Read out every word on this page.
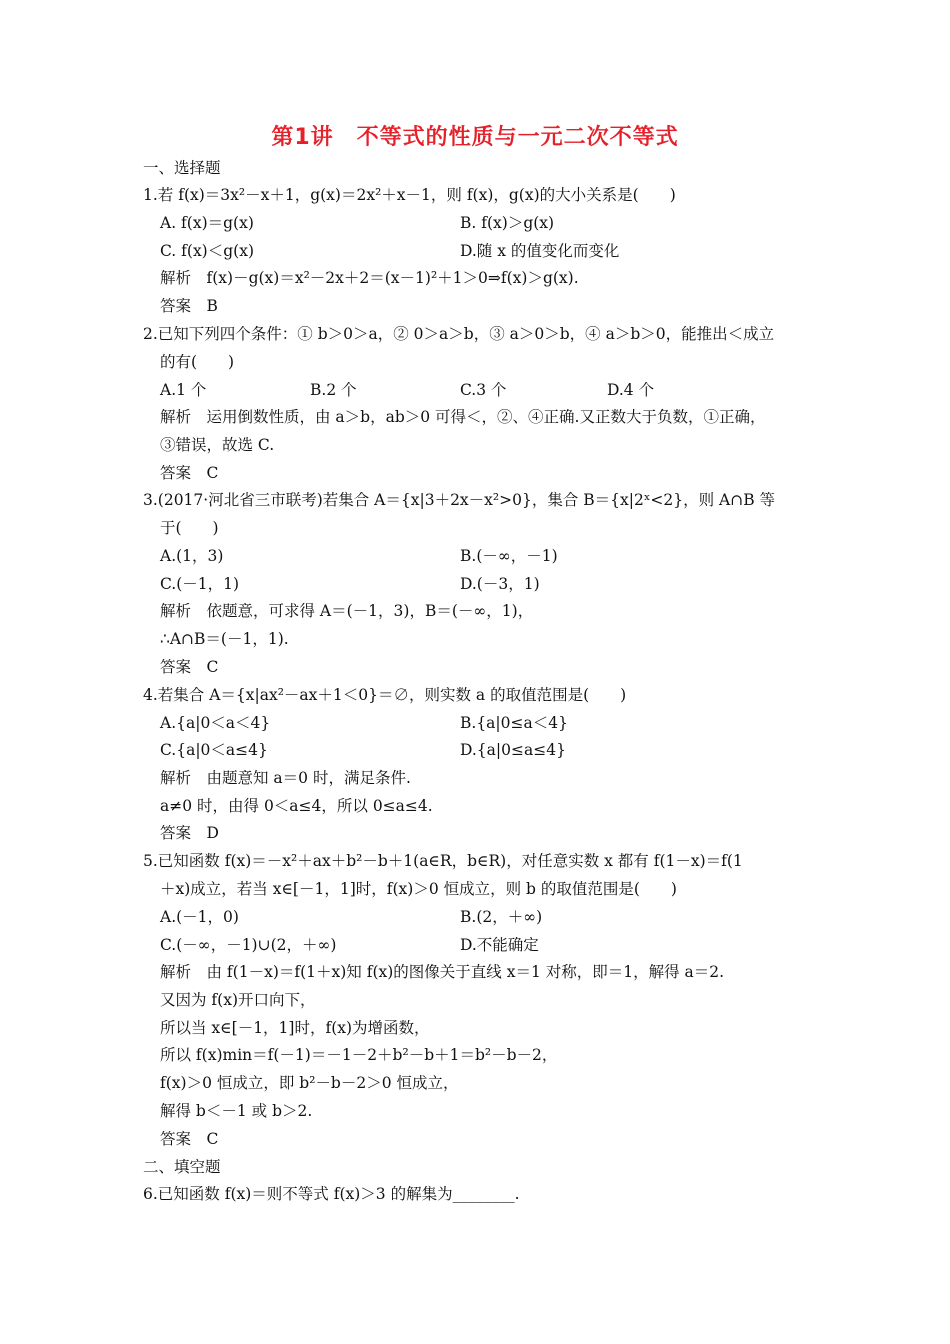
第1讲　不等式的性质与一元二次不等式
一、选择题
1.若 f(x)＝3x²－x＋1，g(x)＝2x²＋x－1，则 f(x)，g(x)的大小关系是(　　)
A. f(x)＝g(x)	B. f(x)＞g(x)
C. f(x)＜g(x)	D.随 x 的值变化而变化
解析　f(x)－g(x)＝x²－2x＋2＝(x－1)²＋1＞0⇒f(x)＞g(x).
答案　B
2.已知下列四个条件：① b＞0＞a，② 0＞a＞b，③ a＞0＞b，④ a＞b＞0，能推出＜成立
的有(　　)
A.1 个	B.2 个	C.3 个	D.4 个
解析　运用倒数性质，由 a＞b，ab＞0 可得＜，②、④正确.又正数大于负数，①正确，
③错误，故选 C.
答案　C
3.(2017·河北省三市联考)若集合 A＝{x|3＋2x－x²>0}，集合 B＝{x|2ˣ<2}，则 A∩B 等
于(　　)
A.(1，3)	B.(－∞，－1)
C.(－1，1)	D.(－3，1)
解析　依题意，可求得 A＝(－1，3)，B＝(－∞，1)，
∴A∩B＝(－1，1).
答案　C
4.若集合 A＝{x|ax²－ax＋1＜0}＝∅，则实数 a 的取值范围是(　　)
A.{a|0＜a＜4}	B.{a|0≤a＜4}
C.{a|0＜a≤4}	D.{a|0≤a≤4}
解析　由题意知 a＝0 时，满足条件.
a≠0 时，由得 0＜a≤4，所以 0≤a≤4.
答案　D
5.已知函数 f(x)＝－x²＋ax＋b²－b＋1(a∈R，b∈R)，对任意实数 x 都有 f(1－x)＝f(1
＋x)成立，若当 x∈[－1，1]时，f(x)＞0 恒成立，则 b 的取值范围是(　　)
A.(－1，0)	B.(2，＋∞)
C.(－∞，－1)∪(2，＋∞)	D.不能确定
解析　由 f(1－x)＝f(1＋x)知 f(x)的图像关于直线 x＝1 对称，即＝1，解得 a＝2.
又因为 f(x)开口向下，
所以当 x∈[－1，1]时，f(x)为增函数，
所以 f(x)min＝f(－1)＝－1－2＋b²－b＋1＝b²－b－2，
f(x)＞0 恒成立，即 b²－b－2＞0 恒成立，
解得 b＜－1 或 b＞2.
答案　C
二、填空题
6.已知函数 f(x)＝则不等式 f(x)＞3 的解集为________.
